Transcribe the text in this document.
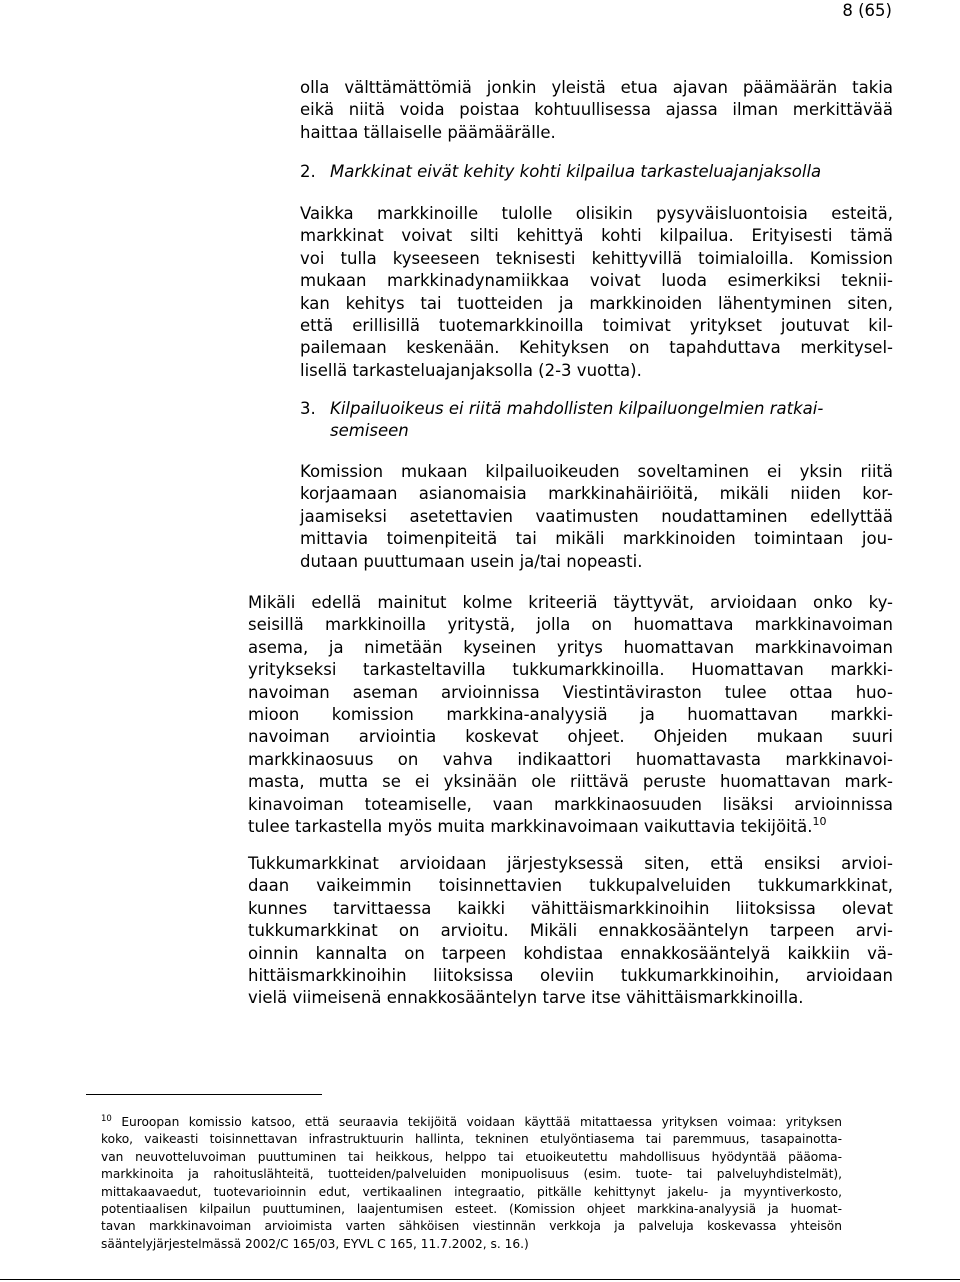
8 (65)
olla välttämättömiä jonkin yleistä etua ajavan päämäärän takia
eikä niitä voida poistaa kohtuullisessa ajassa ilman merkittävää
haittaa tällaiselle päämäärälle.
2. Markkinat eivät kehity kohti kilpailua tarkasteluajanjaksolla
Vaikka markkinoille tulolle olisikin pysyväisluontoisia esteitä,
markkinat voivat silti kehittyä kohti kilpailua. Erityisesti tämä
voi tulla kyseeseen teknisesti kehittyvillä toimialoilla. Komission
mukaan markkinadynamiikkaa voivat luoda esimerkiksi teknii-
kan kehitys tai tuotteiden ja markkinoiden lähentyminen siten,
että erillisillä tuotemarkkinoilla toimivat yritykset joutuvat kil-
pailemaan keskenään. Kehityksen on tapahduttava merkitysel-
lisellä tarkasteluajanjaksolla (2-3 vuotta).
3. Kilpailuoikeus ei riitä mahdollisten kilpailuongelmien ratkai-
semiseen
Komission mukaan kilpailuoikeuden soveltaminen ei yksin riitä
korjaamaan asianomaisia markkinahäiriöitä, mikäli niiden kor-
jaamiseksi asetettavien vaatimusten noudattaminen edellyttää
mittavia toimenpiteitä tai mikäli markkinoiden toimintaan jou-
dutaan puuttumaan usein ja/tai nopeasti.
Mikäli edellä mainitut kolme kriteeriä täyttyvät, arvioidaan onko ky-
seisillä markkinoilla yritystä, jolla on huomattava markkinavoiman
asema, ja nimetään kyseinen yritys huomattavan markkinavoiman
yritykseksi tarkasteltavilla tukkumarkkinoilla. Huomattavan markki-
navoiman aseman arvioinnissa Viestintäviraston tulee ottaa huo-
mioon komission markkina-analyysiä ja huomattavan markki-
navoiman arviointia koskevat ohjeet. Ohjeiden mukaan suuri
markkinaosuus on vahva indikaattori huomattavasta markkinavoi-
masta, mutta se ei yksinään ole riittävä peruste huomattavan mark-
kinavoiman toteamiselle, vaan markkinaosuuden lisäksi arvioinnissa
tulee tarkastella myös muita markkinavoimaan vaikuttavia tekijöitä.$^{10}$
Tukkumarkkinat arvioidaan järjestyksessä siten, että ensiksi arvioi-
daan vaikeimmin toisinnettavien tukkupalveluiden tukkumarkkinat,
kunnes tarvittaessa kaikki vähittäismarkkinoihin liitoksissa olevat
tukkumarkkinat on arvioitu. Mikäli ennakkosääntelyn tarpeen arvi-
oinnin kannalta on tarpeen kohdistaa ennakkosääntelyä kaikkiin vä-
hittäismarkkinoihin liitoksissa oleviin tukkumarkkinoihin, arvioidaan
vielä viimeisenä ennakkosääntelyn tarve itse vähittäismarkkinoilla.
$^{10}$ Euroopan komissio katsoo, että seuraavia tekijöitä voidaan käyttää mitattaessa yrityksen voimaa: yrityksen
koko, vaikeasti toisinnettavan infrastruktuurin hallinta, tekninen etulyöntiasema tai paremmuus, tasapainotta-
van neuvotteluvoiman puuttuminen tai heikkous, helppo tai etuoikeutettu mahdollisuus hyödyntää pääoma-
markkinoita ja rahoituslähteitä, tuotteiden/palveluiden monipuolisuus (esim. tuote- tai palveluyhdistelmät),
mittakaavaedut, tuotevarioinnin edut, vertikaalinen integraatio, pitkälle kehittynyt jakelu- ja myyntiverkosto,
potentiaalisen kilpailun puuttuminen, laajentumisen esteet. (Komission ohjeet markkina-analyysiä ja huomat-
tavan markkinavoiman arvioimista varten sähköisen viestinnän verkkoja ja palveluja koskevassa yhteisön
sääntelyjärjestelmässä 2002/C 165/03, EYVL C 165, 11.7.2002, s. 16.)
